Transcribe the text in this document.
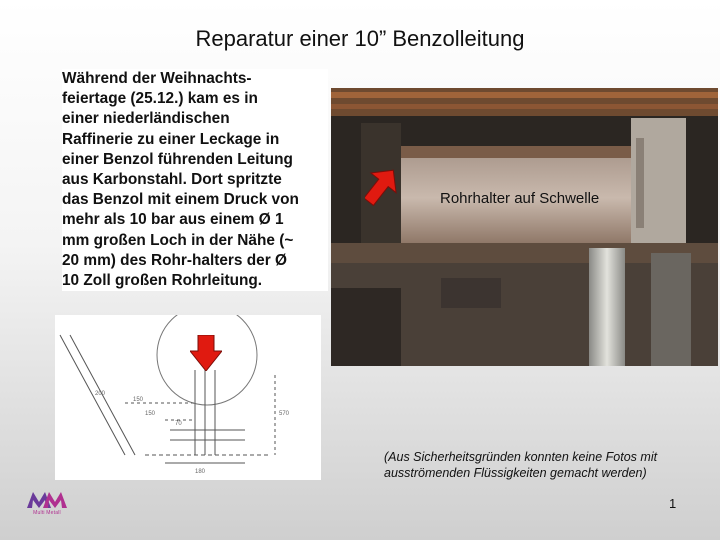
Reparatur einer 10” Benzolleitung
150
70
180
200
570
150
Während der Weihnachts-
feiertage (25.12.) kam es in
einer niederländischen
Raffinerie zu einer Leckage in
einer Benzol führenden Leitung
aus Karbonstahl. Dort spritzte
das Benzol mit einem Druck von
mehr als 10 bar aus einem Ø 1
mm großen Loch in der Nähe (~
20 mm) des Rohr-halters der Ø
10 Zoll großen Rohrleitung.
Rohrhalter auf Schwelle
(Aus Sicherheitsgründen konnten keine Fotos mit
ausströmenden Flüssigkeiten gemacht werden)
1
Multi Metall
